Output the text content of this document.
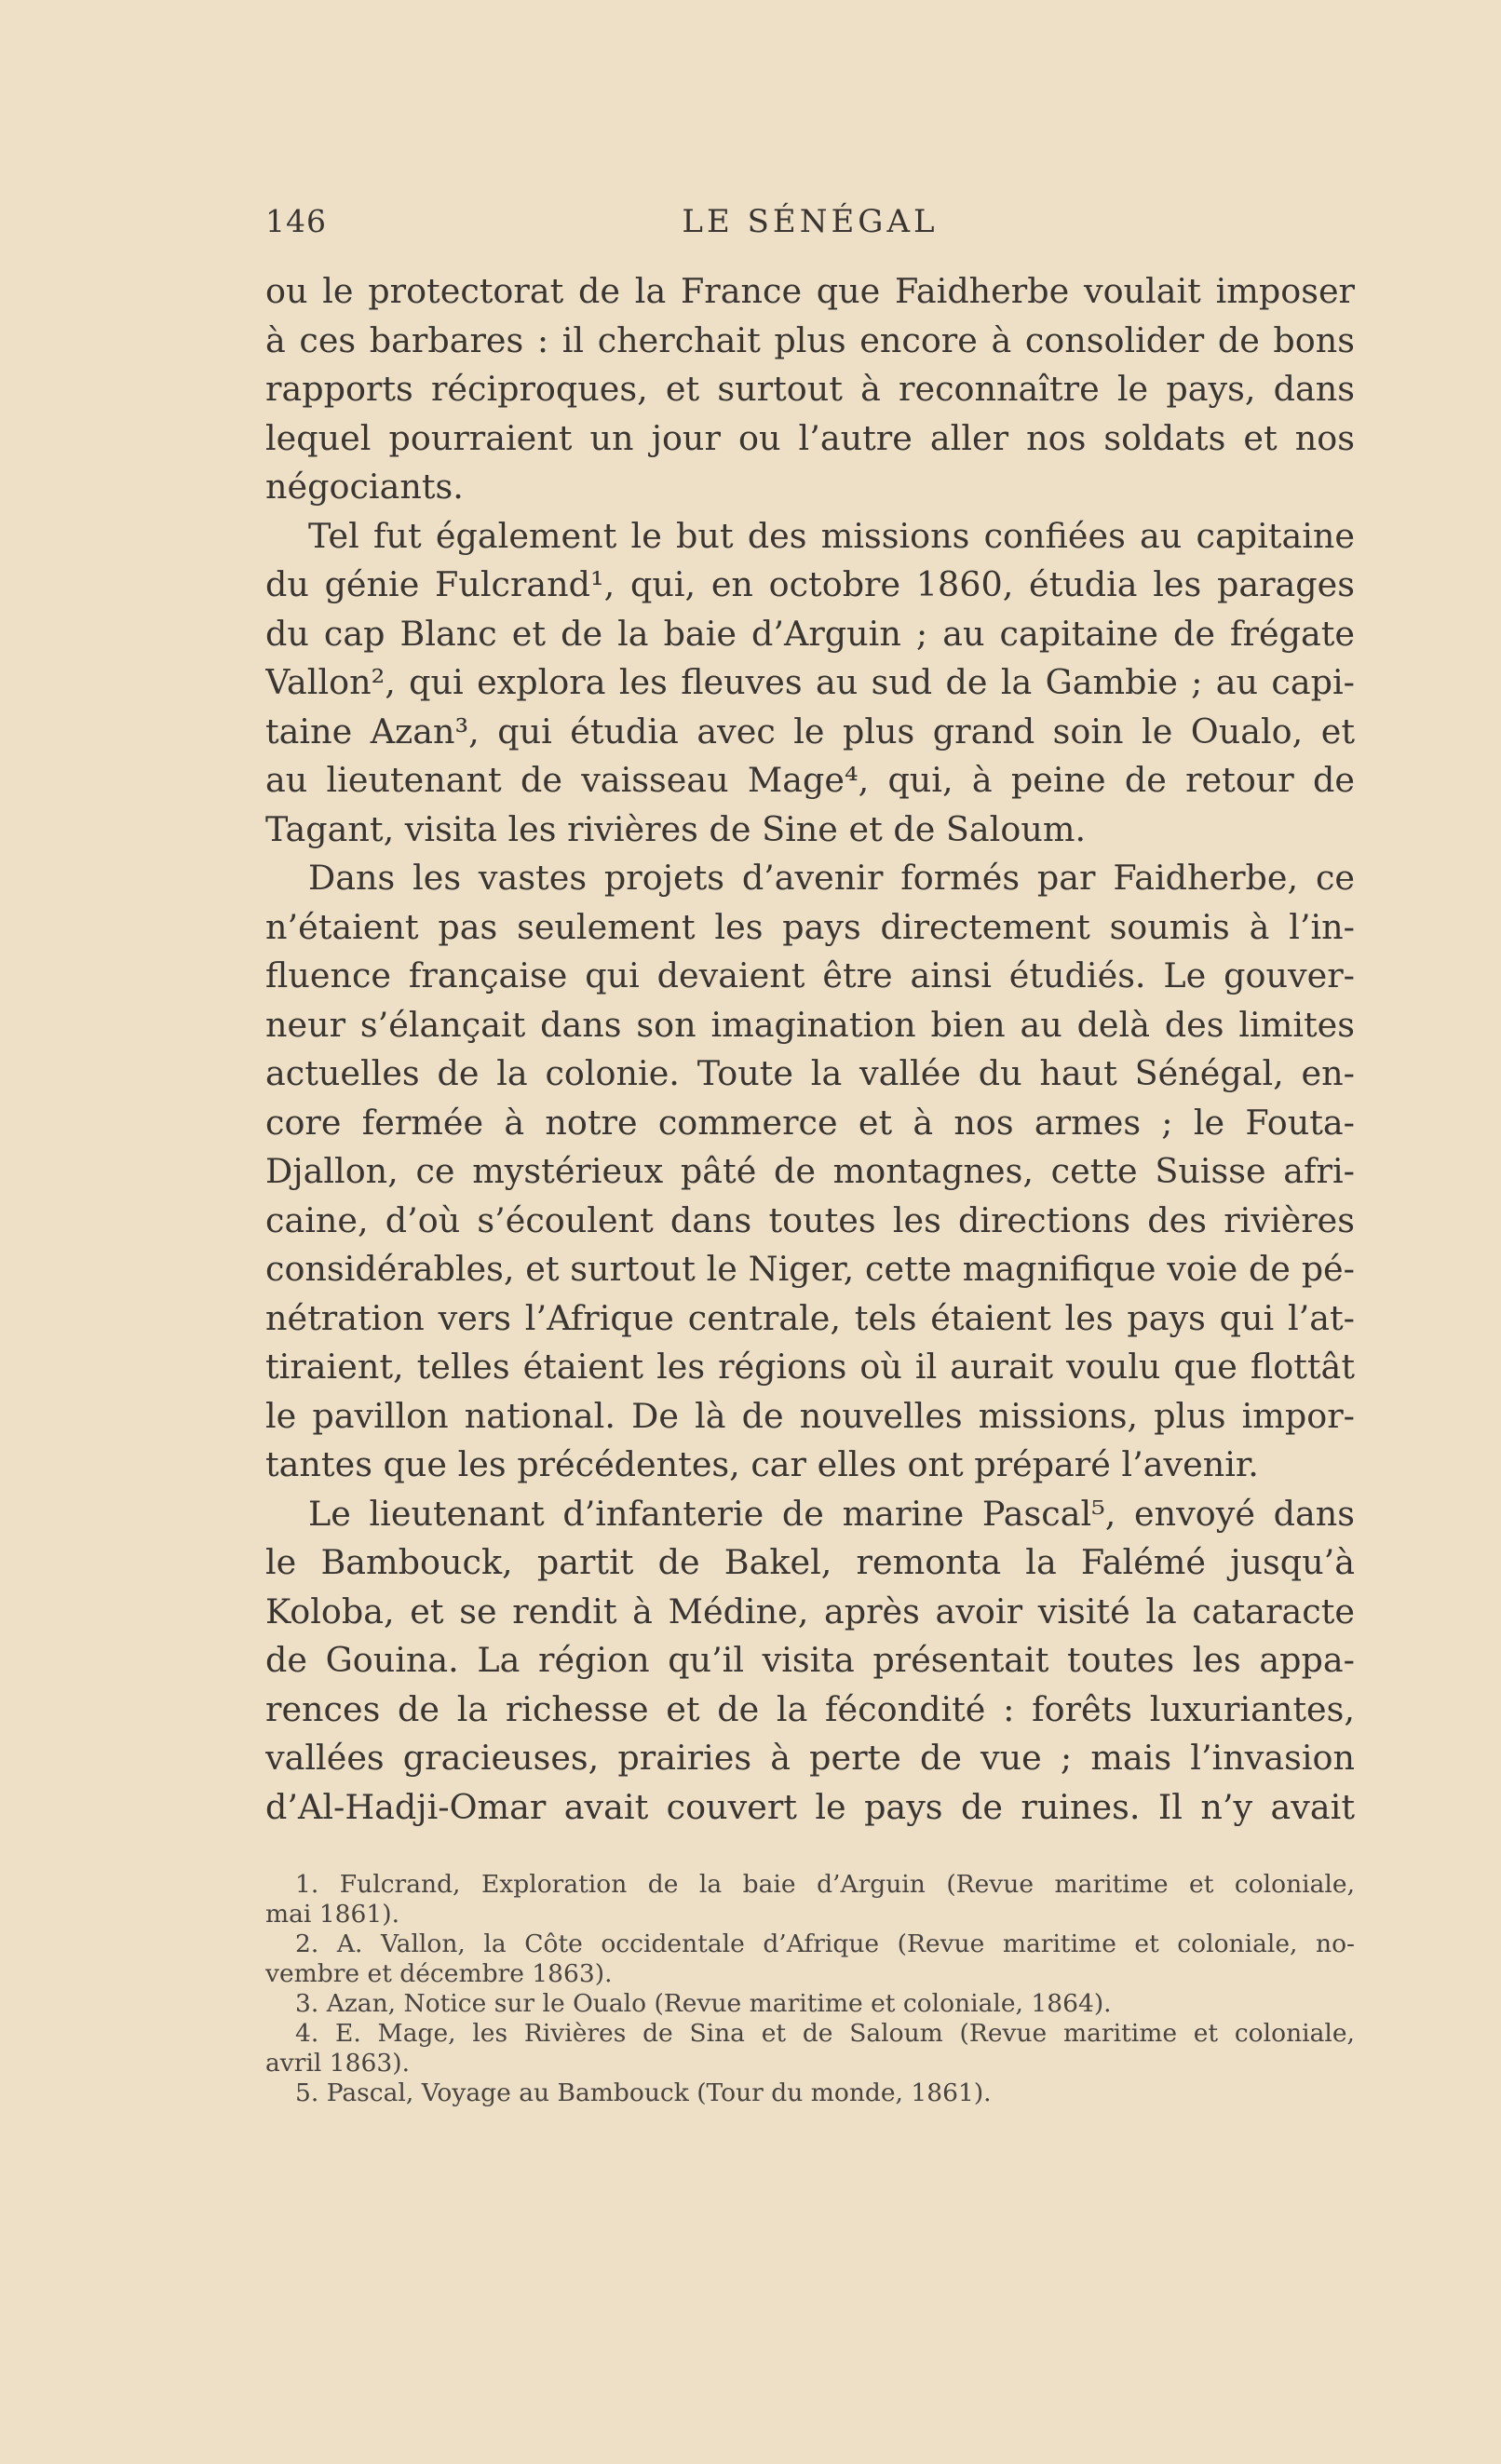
146	LE SÉNÉGAL
ou le protectorat de la France que Faidherbe voulait imposer
à ces barbares : il cherchait plus encore à consolider de bons
rapports réciproques, et surtout à reconnaître le pays, dans
lequel pourraient un jour ou l’autre aller nos soldats et nos
négociants.
Tel fut également le but des missions confiées au capitaine
du génie Fulcrand¹, qui, en octobre 1860, étudia les parages
du cap Blanc et de la baie d’Arguin ; au capitaine de frégate
Vallon², qui explora les fleuves au sud de la Gambie ; au capi-
taine Azan³, qui étudia avec le plus grand soin le Oualo, et
au lieutenant de vaisseau Mage⁴, qui, à peine de retour de
Tagant, visita les rivières de Sine et de Saloum.
Dans les vastes projets d’avenir formés par Faidherbe, ce
n’étaient pas seulement les pays directement soumis à l’in-
fluence française qui devaient être ainsi étudiés. Le gouver-
neur s’élançait dans son imagination bien au delà des limites
actuelles de la colonie. Toute la vallée du haut Sénégal, en-
core fermée à notre commerce et à nos armes ; le Fouta-
Djallon, ce mystérieux pâté de montagnes, cette Suisse afri-
caine, d’où s’écoulent dans toutes les directions des rivières
considérables, et surtout le Niger, cette magnifique voie de pé-
nétration vers l’Afrique centrale, tels étaient les pays qui l’at-
tiraient, telles étaient les régions où il aurait voulu que flottât
le pavillon national. De là de nouvelles missions, plus impor-
tantes que les précédentes, car elles ont préparé l’avenir.
Le lieutenant d’infanterie de marine Pascal⁵, envoyé dans
le Bambouck, partit de Bakel, remonta la Falémé jusqu’à
Koloba, et se rendit à Médine, après avoir visité la cataracte
de Gouina. La région qu’il visita présentait toutes les appa-
rences de la richesse et de la fécondité : forêts luxuriantes,
vallées gracieuses, prairies à perte de vue ; mais l’invasion
d’Al-Hadji-Omar avait couvert le pays de ruines. Il n’y avait
1. Fulcrand, Exploration de la baie d’Arguin (Revue maritime et coloniale,
mai 1861).
2. A. Vallon, la Côte occidentale d’Afrique (Revue maritime et coloniale, no-
vembre et décembre 1863).
3. Azan, Notice sur le Oualo (Revue maritime et coloniale, 1864).
4. E. Mage, les Rivières de Sina et de Saloum (Revue maritime et coloniale,
avril 1863).
5. Pascal, Voyage au Bambouck (Tour du monde, 1861).
